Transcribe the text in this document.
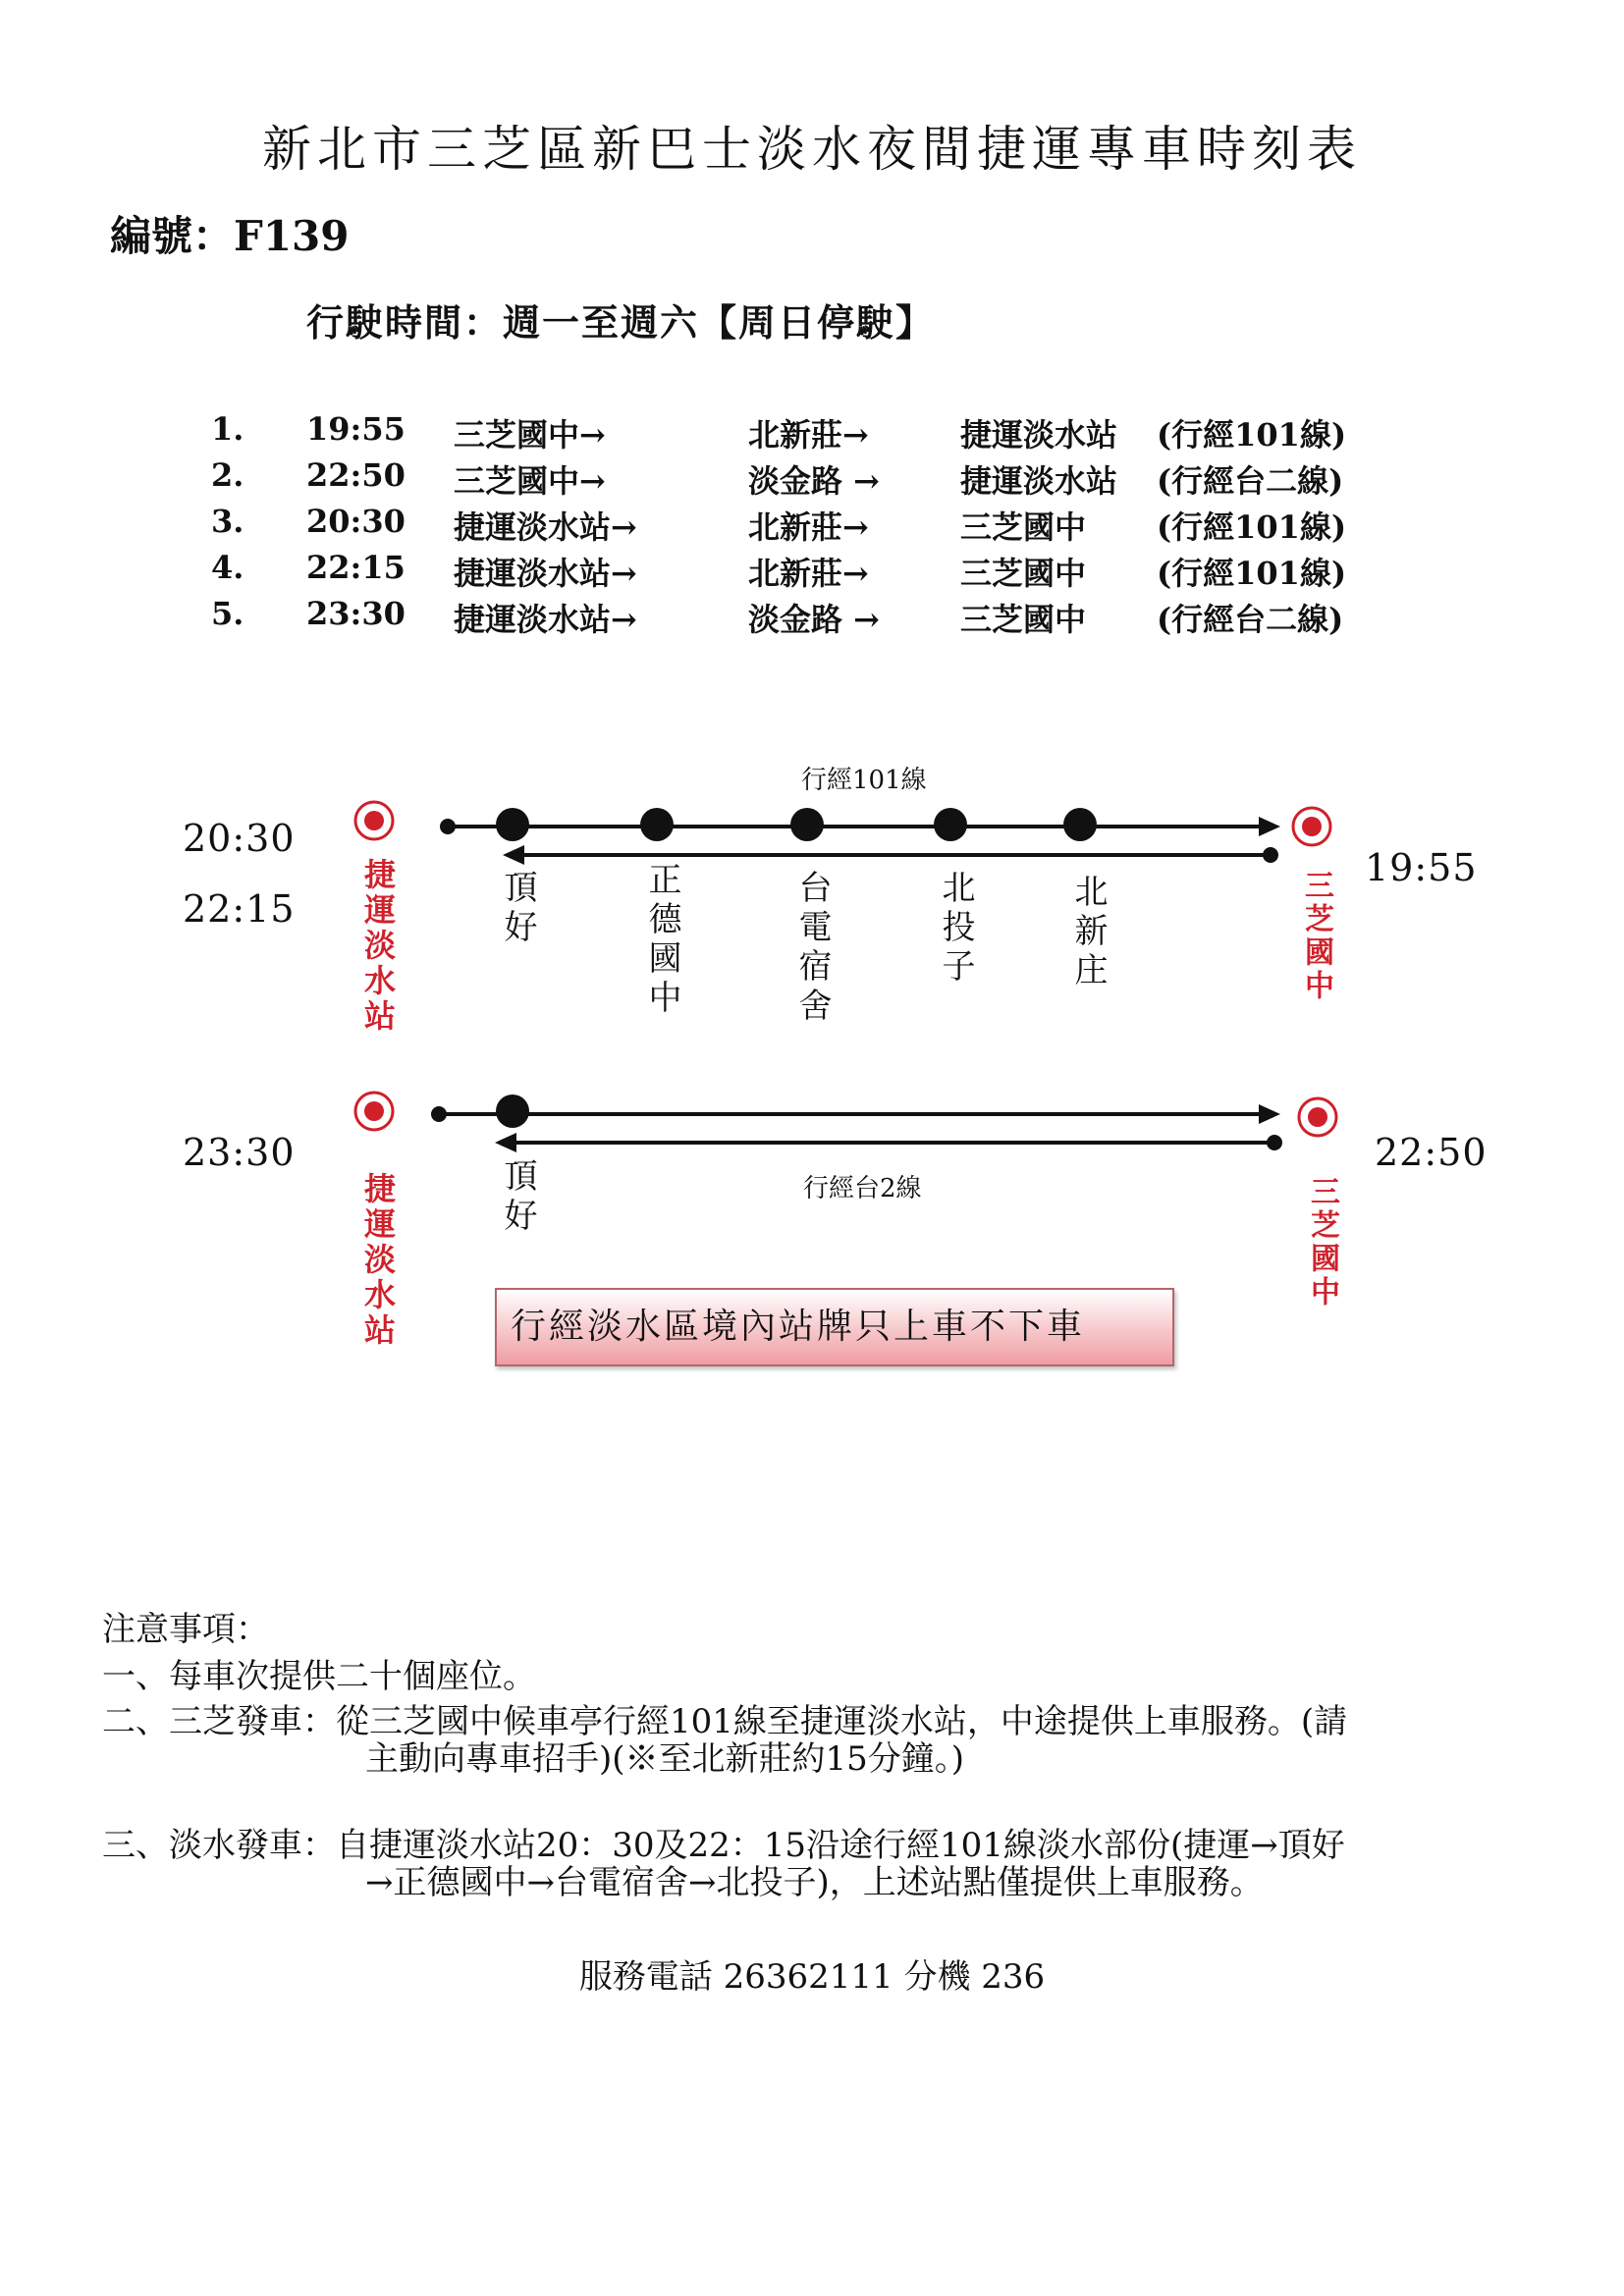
新北市三芝區新巴士淡水夜間捷運專車時刻表
編號：F139
行駛時間：週一至週六【周日停駛】
1. 19:55 三芝國中→	北新莊→	捷運淡水站 (行經101線)
2. 22:50 三芝國中→	淡金路 →	捷運淡水站 (行經台二線)
3. 20:30 捷運淡水站→	北新莊→	三芝國中 (行經101線)
4. 22:15 捷運淡水站→	北新莊→	三芝國中 (行經101線)
5. 23:30 捷運淡水站→	淡金路 →	三芝國中 (行經台二線)
行經101線
20:30
22:15
19:55
捷運淡水站	三芝國中
頂好	正德國中	台電宿舍	北投子	北新庄
23:30	22:50
行經台2線
捷運淡水站	三芝國中
頂好
行經淡水區境內站牌只上車不下車
注意事項：
一、每車次提供二十個座位。
二、三芝發車：從三芝國中候車亭行經101線至捷運淡水站，中途提供上車服務。(請
主動向專車招手)(※至北新莊約15分鐘。)
三、淡水發車：自捷運淡水站20：30及22：15沿途行經101線淡水部份(捷運→頂好
→正德國中→台電宿舍→北投子)，上述站點僅提供上車服務。
服務電話 26362111 分機 236
